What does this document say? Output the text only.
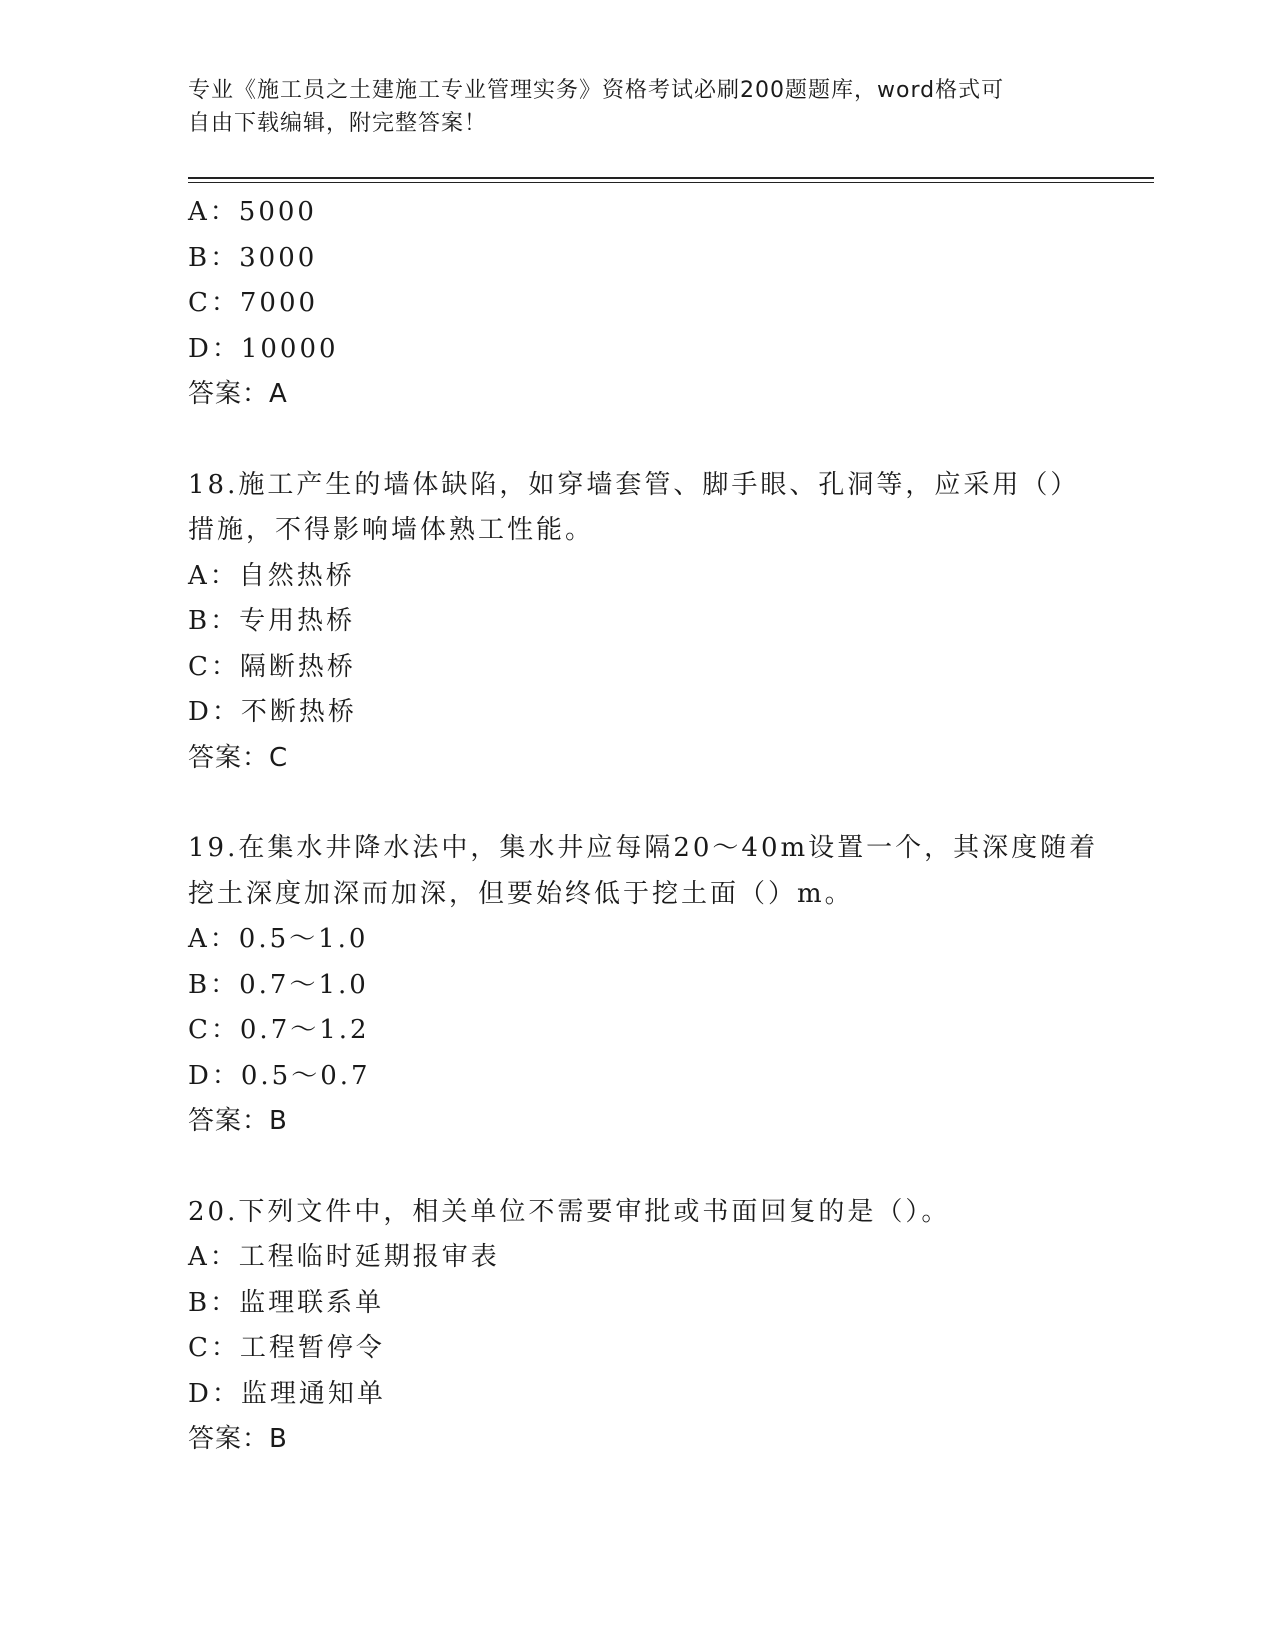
专业《施工员之土建施工专业管理实务》资格考试必刷200题题库，word格式可
自由下载编辑，附完整答案！
A：5000
B：3000
C：7000
D：10000
答案：A
18.施工产生的墙体缺陷，如穿墙套管、脚手眼、孔洞等，应采用（）
措施，不得影响墙体熟工性能。
A：自然热桥
B：专用热桥
C：隔断热桥
D：不断热桥
答案：C
19.在集水井降水法中，集水井应每隔20～40m设置一个，其深度随着
挖土深度加深而加深，但要始终低于挖土面（）m。
A：0.5～1.0
B：0.7～1.0
C：0.7～1.2
D：0.5～0.7
答案：B
20.下列文件中，相关单位不需要审批或书面回复的是（）。
A：工程临时延期报审表
B：监理联系单
C：工程暂停令
D：监理通知单
答案：B
